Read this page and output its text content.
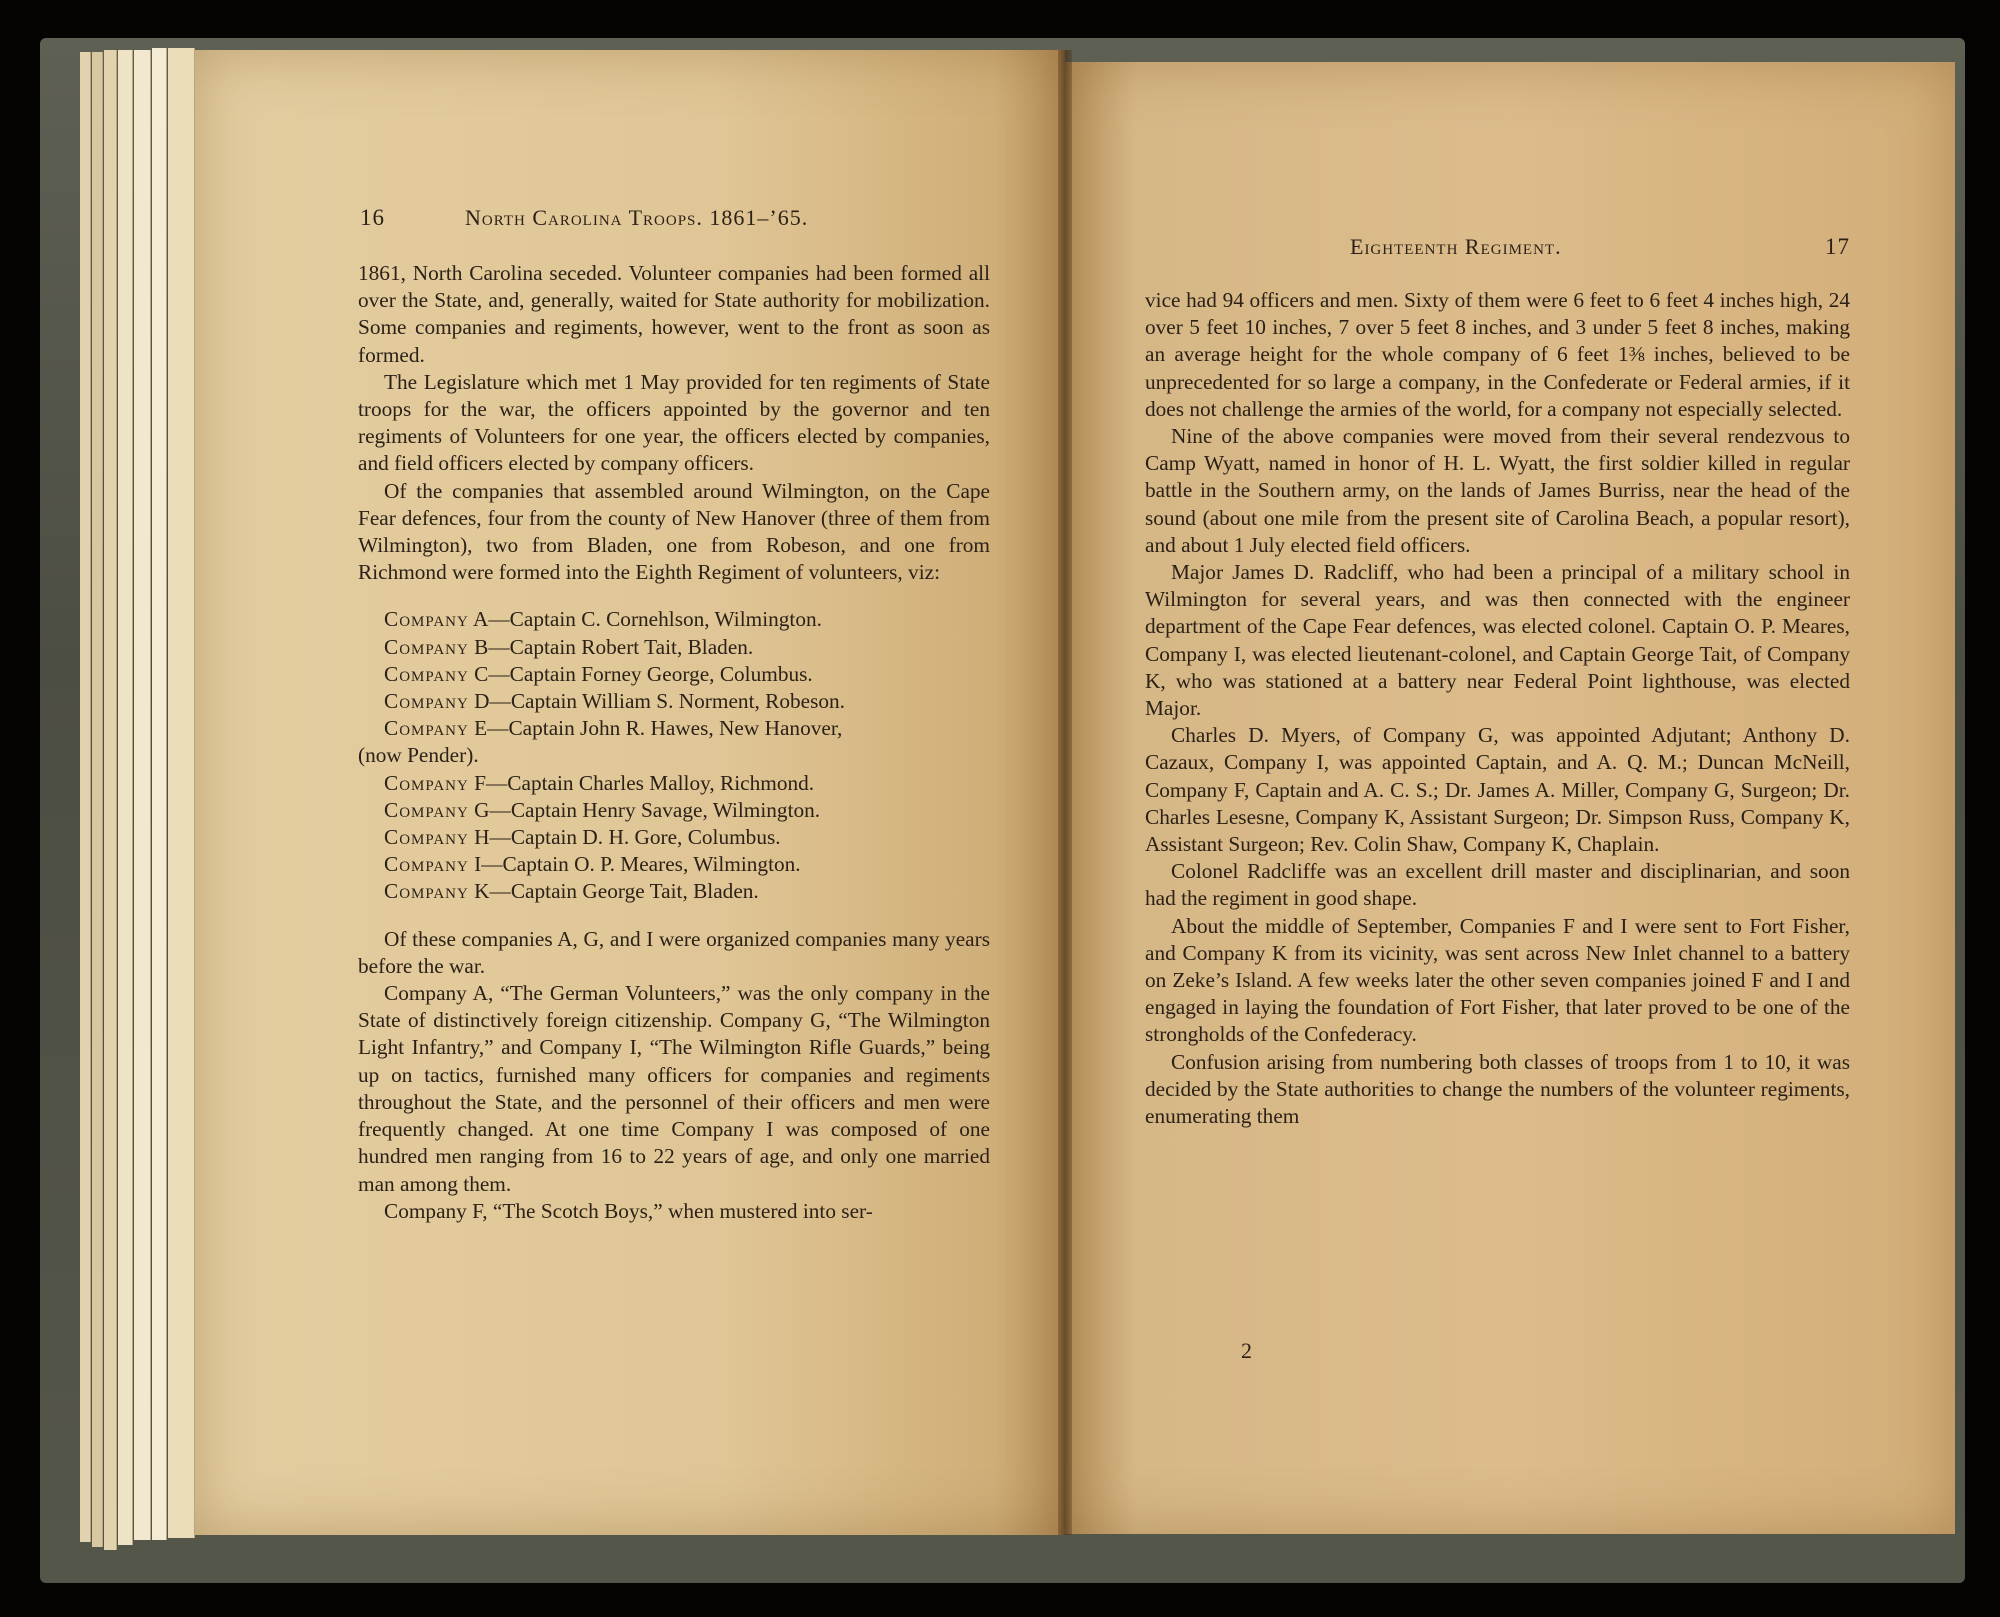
16	North Carolina Troops. 1861–’65.

1861, North Carolina seceded. Volunteer companies had been formed all over the State, and, generally, waited for State authority for mobilization. Some companies and regiments, however, went to the front as soon as formed.

The Legislature which met 1 May provided for ten regiments of State troops for the war, the officers appointed by the governor and ten regiments of Volunteers for one year, the officers elected by companies, and field officers elected by company officers.

Of the companies that assembled around Wilmington, on the Cape Fear defences, four from the county of New Hanover (three of them from Wilmington), two from Bladen, one from Robeson, and one from Richmond were formed into the Eighth Regiment of volunteers, viz:

Company A—Captain C. Cornehlson, Wilmington.
Company B—Captain Robert Tait, Bladen.
Company C—Captain Forney George, Columbus.
Company D—Captain William S. Norment, Robeson.
Company E—Captain John R. Hawes, New Hanover,
(now Pender).
Company F—Captain Charles Malloy, Richmond.
Company G—Captain Henry Savage, Wilmington.
Company H—Captain D. H. Gore, Columbus.
Company I—Captain O. P. Meares, Wilmington.
Company K—Captain George Tait, Bladen.

Of these companies A, G, and I were organized companies many years before the war.

Company A, “The German Volunteers,” was the only company in the State of distinctively foreign citizenship. Company G, “The Wilmington Light Infantry,” and Company I, “The Wilmington Rifle Guards,” being up on tactics, furnished many officers for companies and regiments throughout the State, and the personnel of their officers and men were frequently changed. At one time Company I was composed of one hundred men ranging from 16 to 22 years of age, and only one married man among them.

Company F, “The Scotch Boys,” when mustered into ser-

Eighteenth Regiment.	17

vice had 94 officers and men. Sixty of them were 6 feet to 6 feet 4 inches high, 24 over 5 feet 10 inches, 7 over 5 feet 8 inches, and 3 under 5 feet 8 inches, making an average height for the whole company of 6 feet 1⅜ inches, believed to be unprecedented for so large a company, in the Confederate or Federal armies, if it does not challenge the armies of the world, for a company not especially selected.

Nine of the above companies were moved from their several rendezvous to Camp Wyatt, named in honor of H. L. Wyatt, the first soldier killed in regular battle in the Southern army, on the lands of James Burriss, near the head of the sound (about one mile from the present site of Carolina Beach, a popular resort), and about 1 July elected field officers.

Major James D. Radcliff, who had been a principal of a military school in Wilmington for several years, and was then connected with the engineer department of the Cape Fear defences, was elected colonel. Captain O. P. Meares, Company I, was elected lieutenant-colonel, and Captain George Tait, of Company K, who was stationed at a battery near Federal Point lighthouse, was elected Major.

Charles D. Myers, of Company G, was appointed Adjutant; Anthony D. Cazaux, Company I, was appointed Captain, and A. Q. M.; Duncan McNeill, Company F, Captain and A. C. S.; Dr. James A. Miller, Company G, Surgeon; Dr. Charles Lesesne, Company K, Assistant Surgeon; Dr. Simpson Russ, Company K, Assistant Surgeon; Rev. Colin Shaw, Company K, Chaplain.

Colonel Radcliffe was an excellent drill master and disciplinarian, and soon had the regiment in good shape.

About the middle of September, Companies F and I were sent to Fort Fisher, and Company K from its vicinity, was sent across New Inlet channel to a battery on Zeke’s Island. A few weeks later the other seven companies joined F and I and engaged in laying the foundation of Fort Fisher, that later proved to be one of the strongholds of the Confederacy.

Confusion arising from numbering both classes of troops from 1 to 10, it was decided by the State authorities to change the numbers of the volunteer regiments, enumerating them

2
